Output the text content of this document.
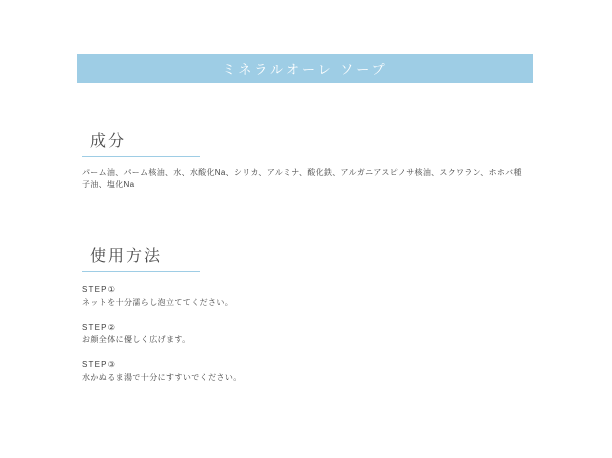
ミネラルオーレ ソープ
成分

パーム油、パーム核油、水、水酸化Na、シリカ、アルミナ、酸化鉄、アルガニアスピノサ核油、スクワラン、ホホバ種子油、塩化Na

使用方法

STEP①

ネットを十分濡らし泡立ててください。

STEP②

お顔全体に優しく広げます。

STEP③

水かぬるま湯で十分にすすいでください。
